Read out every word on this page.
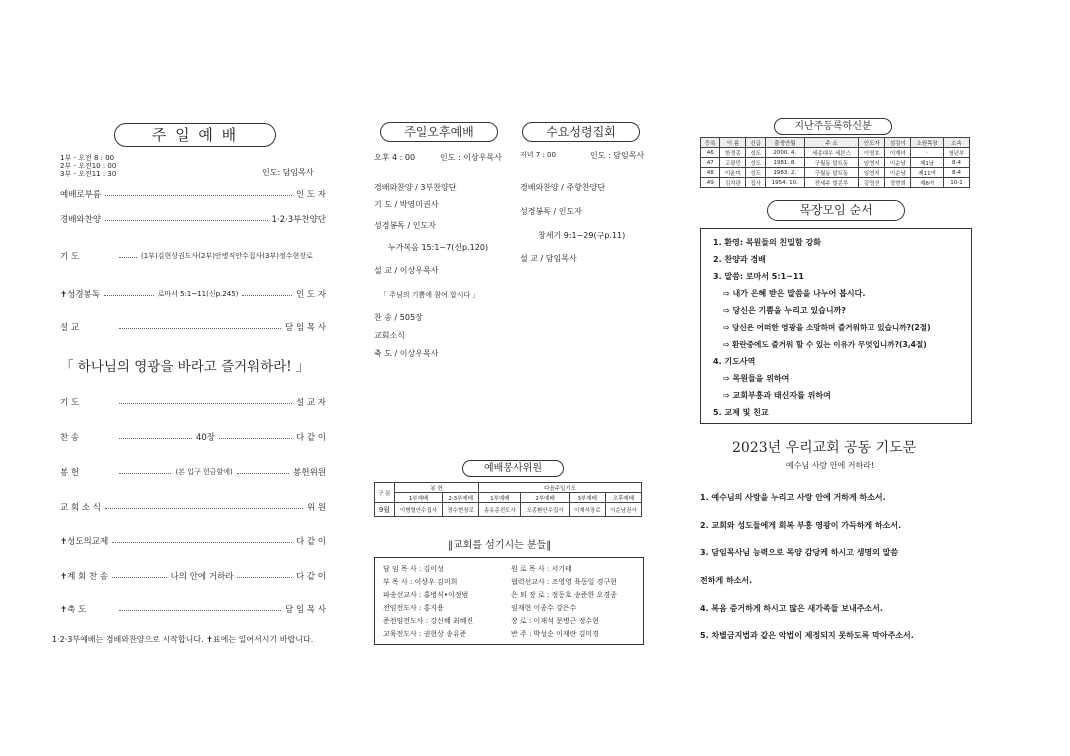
주 일 예 배
1부 - 오전 8 : 00
2부 - 오전10 : 00
3부 - 오전11 : 30	인도: 담임목사
예배로부름	인 도 자
경배와찬양	1·2·3부찬양단
기 도	(1부)김현상권도사(2부)안병직안수집사(3부)정수현장로
✝성경봉독	로마서 5:1~11(신p.245)	인 도 자
설 교	담 임 목 사
「 하나님의 영광을 바라고 즐거워하라! 」
기 도	설 교 자
찬 송	40장	다 같 이
봉 헌	(본 입구 헌금함에)	봉헌위원
교 회 소 식	위 원
✝성도의교제	다 같 이
✝계 회 찬 송	나의 안에 거하라	다 같 이
✝축 도	담 임 목 사
1·2·3부예배는 경배와찬양으로 시작합니다. ✝표에는 일어서시기 바랍니다.
주일오후예배
오후 4 : 00	인도 : 이상우목사
경배와찬양 / 3부찬양단
기 도 / 박영미권사
성경봉독 / 인도자
누가복음 15:1~7(신p.120)
설 교 / 이상우목사
「 주님의 기쁨에 참여 합시다 」
찬 송 / 505장
교회소식
축 도 / 이상우목사
수요성령집회
저녁 7 : 00	인도 : 담임목사
경배와찬양 / 주향찬양단
성경봉독 / 인도자
창세기 9:1~29(구p.11)
설 교 / 담임목사
예배봉사위원
구 분	봉 헌		다음주일기도			
	1부예배	2·3부예배	1부예배	2부예배	3부예배	오후예배
9월	이병렬안수집사	정수현장로	송유준전도사	오종환안수집사	이재석장로	이순남권사
‖교회를 섬기시는 분들‖
담 임 목 사 : 김이성
부 목 사 : 이상우 김미희
파송선교사 : 홍병식•이정범
전임전도사 : 홍지용
준전임전도사 : 강신혜 최혜진
교육전도사 : 권현상 송유준
원 로 목 사 : 서기태
협력선교사 : 조영영 육동일 경구현
은 퇴 장 로 : 정동호 송준한 오경종
임재현 이종수 강은수
장 로 : 이재석 문병근 정수현
반 주 : 박성순 이재란 김미경
지난주등록하신분
등록	이 름	신급	출생연월	주 소	인도자	섬김이	소원목장	소속
46	한경종	성도	2000. 4.	세종대우 세븐스	이영호	이재녀	·	청년부
47	고광민	성도	1981. 8.	구월동 말트동	임영지	이순남	제1남	8-4
48	이윤미	성도	1983. 2.	구월동 말트동	임영지	이순남	제11여	8-4
49	김지판	집사	1954. 10.	전세주 빌콘루	김영선	정현희	제6여	10-1
목장모임 순서
1. 환영: 목원들의 친밀함 강화
2. 찬양과 경배
3. 말씀: 로마서 5:1~11
⇨ 내가 은혜 받은 말씀을 나누어 봅시다.
⇨ 당신은 기쁨을 누리고 있습니까?
⇨ 당신은 어떠한 영광을 소망하며 즐거워하고 있습니까?(2절)
⇨ 환란중에도 즐거워 할 수 있는 이유가 무엇입니까?(3,4절)
4. 기도사역
⇨ 목원들을 위하여
⇨ 교회부흥과 태신자를 위하여
5. 교제 및 친교
2023년 우리교회 공동 기도문
예수님 사랑 안에 거하라!
1. 예수님의 사랑을 누리고 사랑 안에 거하게 하소서.
2. 교회와 성도들에게 회복 부흥 영광이 가득하게 하소서.
3. 담임목사님 능력으로 목양 감당케 하시고 생명의 말씀
전하게 하소서.
4. 복음 증거하게 하시고 많은 새가족들 보내주소서.
5. 차별금지법과 같은 악법이 제정되지 못하도록 막아주소서.
